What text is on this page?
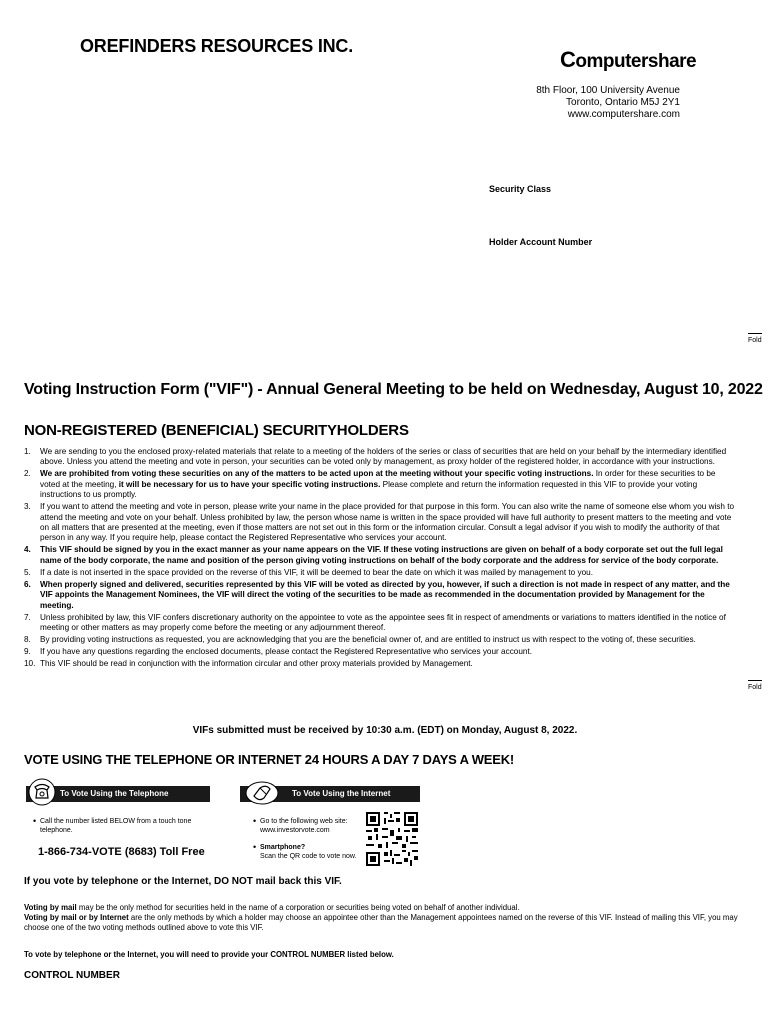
OREFINDERS RESOURCES INC.
Computershare
8th Floor, 100 University Avenue
Toronto, Ontario M5J 2Y1
www.computershare.com
Security Class
Holder Account Number
Fold
Fold
Voting Instruction Form ("VIF") - Annual General Meeting to be held on Wednesday, August 10, 2022
NON-REGISTERED (BENEFICIAL) SECURITYHOLDERS
1. We are sending to you the enclosed proxy-related materials that relate to a meeting of the holders of the series or class of securities that are held on your behalf by the intermediary identified above. Unless you attend the meeting and vote in person, your securities can be voted only by management, as proxy holder of the registered holder, in accordance with your instructions.
2. We are prohibited from voting these securities on any of the matters to be acted upon at the meeting without your specific voting instructions. In order for these securities to be voted at the meeting, it will be necessary for us to have your specific voting instructions. Please complete and return the information requested in this VIF to provide your voting instructions to us promptly.
3. If you want to attend the meeting and vote in person, please write your name in the place provided for that purpose in this form. You can also write the name of someone else whom you wish to attend the meeting and vote on your behalf. Unless prohibited by law, the person whose name is written in the space provided will have full authority to present matters to the meeting and vote on all matters that are presented at the meeting, even if those matters are not set out in this form or the information circular. Consult a legal advisor if you wish to modify the authority of that person in any way. If you require help, please contact the Registered Representative who services your account.
4. This VIF should be signed by you in the exact manner as your name appears on the VIF. If these voting instructions are given on behalf of a body corporate set out the full legal name of the body corporate, the name and position of the person giving voting instructions on behalf of the body corporate and the address for service of the body corporate.
5. If a date is not inserted in the space provided on the reverse of this VIF, it will be deemed to bear the date on which it was mailed by management to you.
6. When properly signed and delivered, securities represented by this VIF will be voted as directed by you, however, if such a direction is not made in respect of any matter, and the VIF appoints the Management Nominees, the VIF will direct the voting of the securities to be made as recommended in the documentation provided by Management for the meeting.
7. Unless prohibited by law, this VIF confers discretionary authority on the appointee to vote as the appointee sees fit in respect of amendments or variations to matters identified in the notice of meeting or other matters as may properly come before the meeting or any adjournment thereof.
8. By providing voting instructions as requested, you are acknowledging that you are the beneficial owner of, and are entitled to instruct us with respect to the voting of, these securities.
9. If you have any questions regarding the enclosed documents, please contact the Registered Representative who services your account.
10. This VIF should be read in conjunction with the information circular and other proxy materials provided by Management.
VIFs submitted must be received by 10:30 a.m. (EDT) on Monday, August 8, 2022.
VOTE USING THE TELEPHONE OR INTERNET 24 HOURS A DAY 7 DAYS A WEEK!
To Vote Using the Telephone	To Vote Using the Internet
• Call the number listed BELOW from a touch tone telephone.
1-866-734-VOTE (8683) Toll Free
• Go to the following web site: www.investorvote.com
• Smartphone?
Scan the QR code to vote now.
If you vote by telephone or the Internet, DO NOT mail back this VIF.
Voting by mail may be the only method for securities held in the name of a corporation or securities being voted on behalf of another individual.
Voting by mail or by Internet are the only methods by which a holder may choose an appointee other than the Management appointees named on the reverse of this VIF. Instead of mailing this VIF, you may choose one of the two voting methods outlined above to vote this VIF.
To vote by telephone or the Internet, you will need to provide your CONTROL NUMBER listed below.
CONTROL NUMBER
